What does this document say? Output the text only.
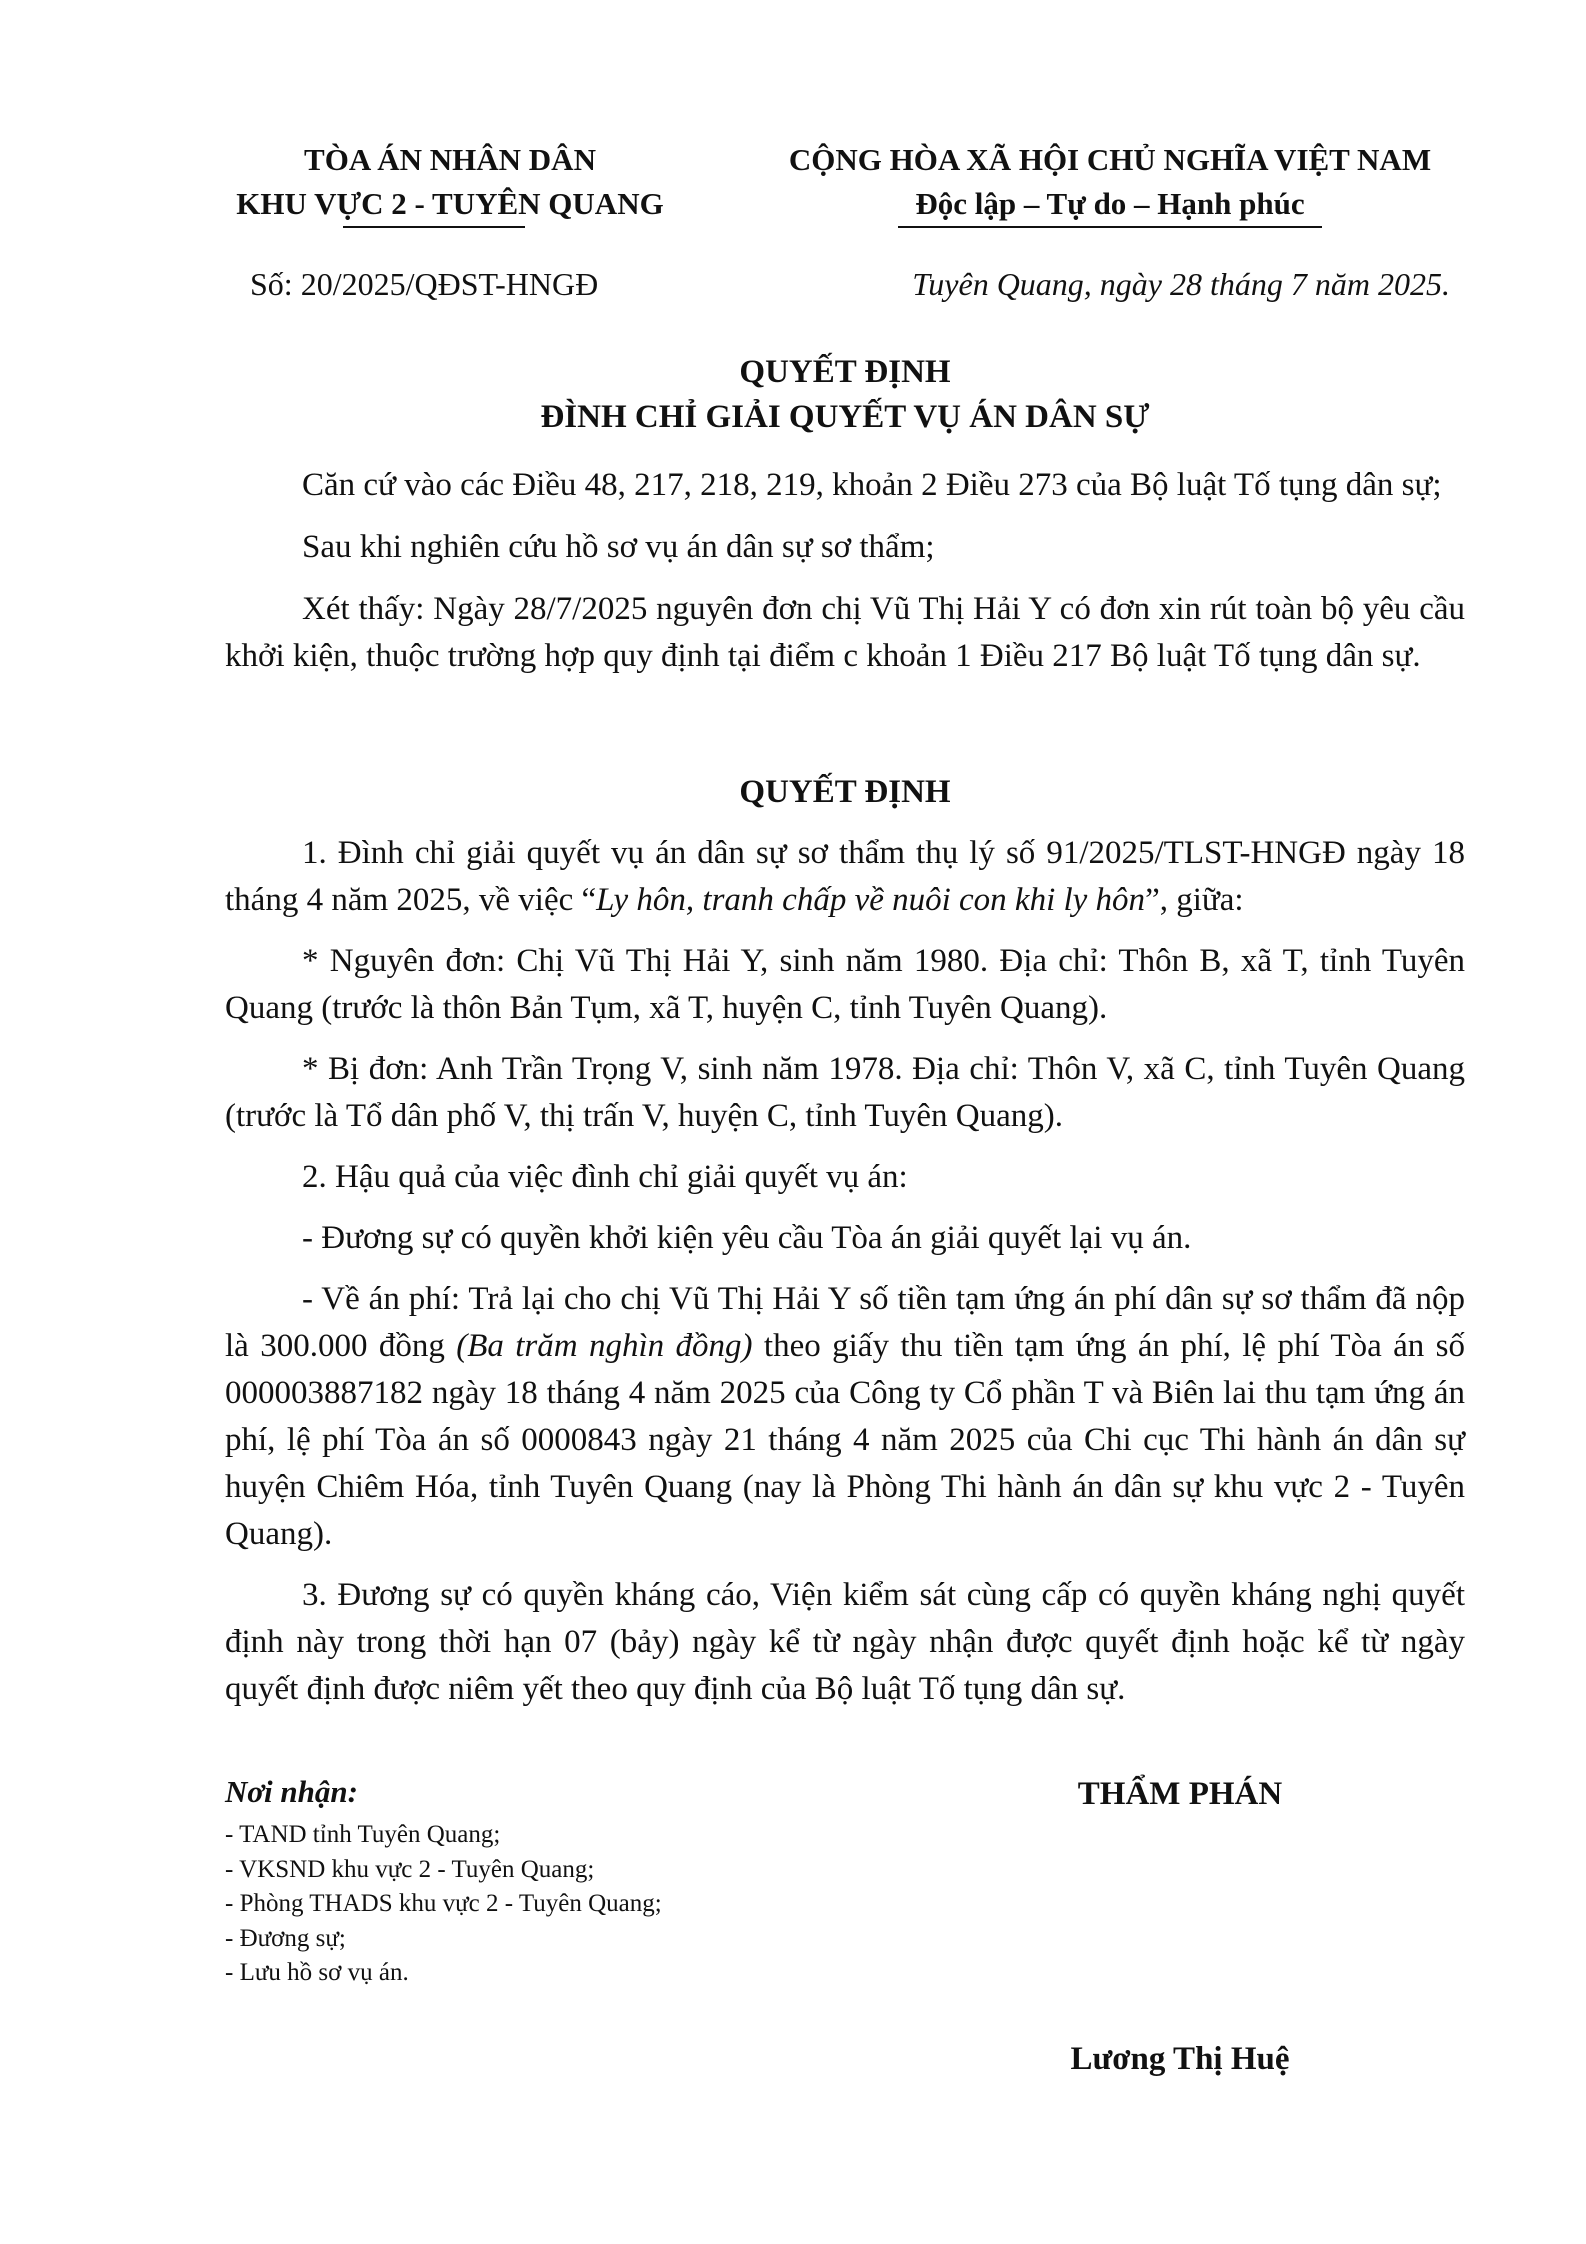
TÒA ÁN NHÂN DÂN
KHU VỰC 2 - TUYÊN QUANG
CỘNG HÒA XÃ HỘI CHỦ NGHĨA VIỆT NAM
Độc lập – Tự do – Hạnh phúc
Số: 20/2025/QĐST-HNGĐ	Tuyên Quang, ngày 28 tháng 7 năm 2025.
QUYẾT ĐỊNH
ĐÌNH CHỈ GIẢI QUYẾT VỤ ÁN DÂN SỰ

Căn cứ vào các Điều 48, 217, 218, 219, khoản 2 Điều 273 của Bộ luật Tố tụng dân sự;

Sau khi nghiên cứu hồ sơ vụ án dân sự sơ thẩm;

Xét thấy: Ngày 28/7/2025 nguyên đơn chị Vũ Thị Hải Y có đơn xin rút toàn bộ yêu cầu khởi kiện, thuộc trường hợp quy định tại điểm c khoản 1 Điều 217 Bộ luật Tố tụng dân sự.

QUYẾT ĐỊNH

1. Đình chỉ giải quyết vụ án dân sự sơ thẩm thụ lý số 91/2025/TLST-HNGĐ ngày 18 tháng 4 năm 2025, về việc “Ly hôn, tranh chấp về nuôi con khi ly hôn”, giữa:

* Nguyên đơn: Chị Vũ Thị Hải Y, sinh năm 1980. Địa chỉ: Thôn B, xã T, tỉnh Tuyên Quang (trước là thôn Bản Tụm, xã T, huyện C, tỉnh Tuyên Quang).

* Bị đơn: Anh Trần Trọng V, sinh năm 1978. Địa chỉ: Thôn V, xã C, tỉnh Tuyên Quang (trước là Tổ dân phố V, thị trấn V, huyện C, tỉnh Tuyên Quang).

2. Hậu quả của việc đình chỉ giải quyết vụ án:

- Đương sự có quyền khởi kiện yêu cầu Tòa án giải quyết lại vụ án.

- Về án phí: Trả lại cho chị Vũ Thị Hải Y số tiền tạm ứng án phí dân sự sơ thẩm đã nộp là 300.000 đồng (Ba trăm nghìn đồng) theo giấy thu tiền tạm ứng án phí, lệ phí Tòa án số 000003887182 ngày 18 tháng 4 năm 2025 của Công ty Cổ phần T và Biên lai thu tạm ứng án phí, lệ phí Tòa án số 0000843 ngày 21 tháng 4 năm 2025 của Chi cục Thi hành án dân sự huyện Chiêm Hóa, tỉnh Tuyên Quang (nay là Phòng Thi hành án dân sự khu vực 2 - Tuyên Quang).

3. Đương sự có quyền kháng cáo, Viện kiểm sát cùng cấp có quyền kháng nghị quyết định này trong thời hạn 07 (bảy) ngày kể từ ngày nhận được quyết định hoặc kể từ ngày quyết định được niêm yết theo quy định của Bộ luật Tố tụng dân sự.

Nơi nhận:
- TAND tỉnh Tuyên Quang;
- VKSND khu vực 2 - Tuyên Quang;
- Phòng THADS khu vực 2 - Tuyên Quang;
- Đương sự;
- Lưu hồ sơ vụ án.
THẨM PHÁN
Lương Thị Huệ
